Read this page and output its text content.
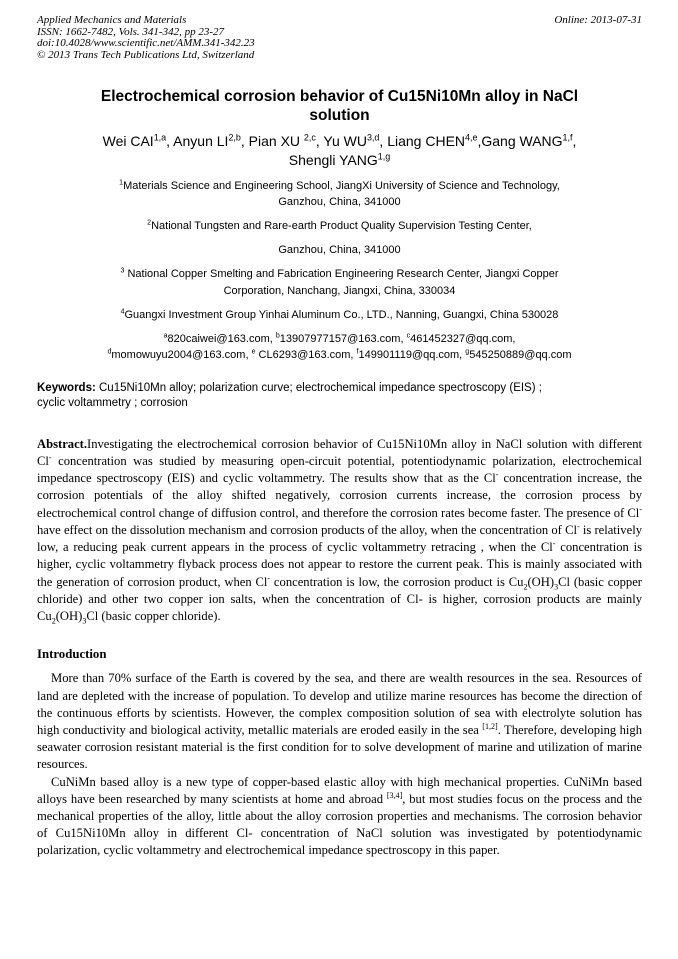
Applied Mechanics and Materials
ISSN: 1662-7482, Vols. 341-342, pp 23-27
doi:10.4028/www.scientific.net/AMM.341-342.23
© 2013 Trans Tech Publications Ltd, Switzerland
Online: 2013-07-31
Electrochemical corrosion behavior of Cu15Ni10Mn alloy in NaCl
solution

Wei CAI$^{1,a}$, Anyun LI$^{2,b}$, Pian XU $^{2,c}$, Yu WU$^{3,d}$, Liang CHEN$^{4,e}$,Gang WANG$^{1,f}$,
Shengli YANG$^{1,g}$

$^1$Materials Science and Engineering School, JiangXi University of Science and Technology,
Ganzhou, China, 341000

$^2$National Tungsten and Rare-earth Product Quality Supervision Testing Center,

Ganzhou, China, 341000

$^3$ National Copper Smelting and Fabrication Engineering Research Center, Jiangxi Copper
Corporation, Nanchang, Jiangxi, China, 330034

$^4$Guangxi Investment Group Yinhai Aluminum Co., LTD., Nanning, Guangxi, China 530028

$^a$820caiwei@163.com, $^b$13907977157@163.com, $^c$461452327@qq.com,
$^d$momowuyu2004@163.com, $^e$ CL6293@163.com, $^f$149901119@qq.com, $^g$545250889@qq.com

Keywords: Cu15Ni10Mn alloy; polarization curve; electrochemical impedance spectroscopy (EIS) ;
cyclic voltammetry ; corrosion

Abstract.Investigating the electrochemical corrosion behavior of Cu15Ni10Mn alloy in NaCl solution with different Cl- concentration was studied by measuring open-circuit potential, potentiodynamic polarization, electrochemical impedance spectroscopy (EIS) and cyclic voltammetry. The results show that as the Cl- concentration increase, the corrosion potentials of the alloy shifted negatively, corrosion currents increase, the corrosion process by electrochemical control change of diffusion control, and therefore the corrosion rates become faster. The presence of Cl- have effect on the dissolution mechanism and corrosion products of the alloy, when the concentration of Cl- is relatively low, a reducing peak current appears in the process of cyclic voltammetry retracing , when the Cl- concentration is higher, cyclic voltammetry flyback process does not appear to restore the current peak. This is mainly associated with the generation of corrosion product, when Cl- concentration is low, the corrosion product is $Cu_2(OH)_3Cl$ (basic copper chloride) and other two copper ion salts, when the concentration of Cl- is higher, corrosion products are mainly $Cu_2(OH)_3Cl$ (basic copper chloride).

Introduction

More than 70% surface of the Earth is covered by the sea, and there are wealth resources in the sea. Resources of land are depleted with the increase of population. To develop and utilize marine resources has become the direction of the continuous efforts by scientists. However, the complex composition solution of sea with electrolyte solution has high conductivity and biological activity, metallic materials are eroded easily in the sea [1,2]. Therefore, developing high seawater corrosion resistant material is the first condition for to solve development of marine and utilization of marine resources.

CuNiMn based alloy is a new type of copper-based elastic alloy with high mechanical properties. CuNiMn based alloys have been researched by many scientists at home and abroad [3,4], but most studies focus on the process and the mechanical properties of the alloy, little about the alloy corrosion properties and mechanisms. The corrosion behavior of Cu15Ni10Mn alloy in different Cl- concentration of NaCl solution was investigated by potentiodynamic polarization, cyclic voltammetry and electrochemical impedance spectroscopy in this paper.
